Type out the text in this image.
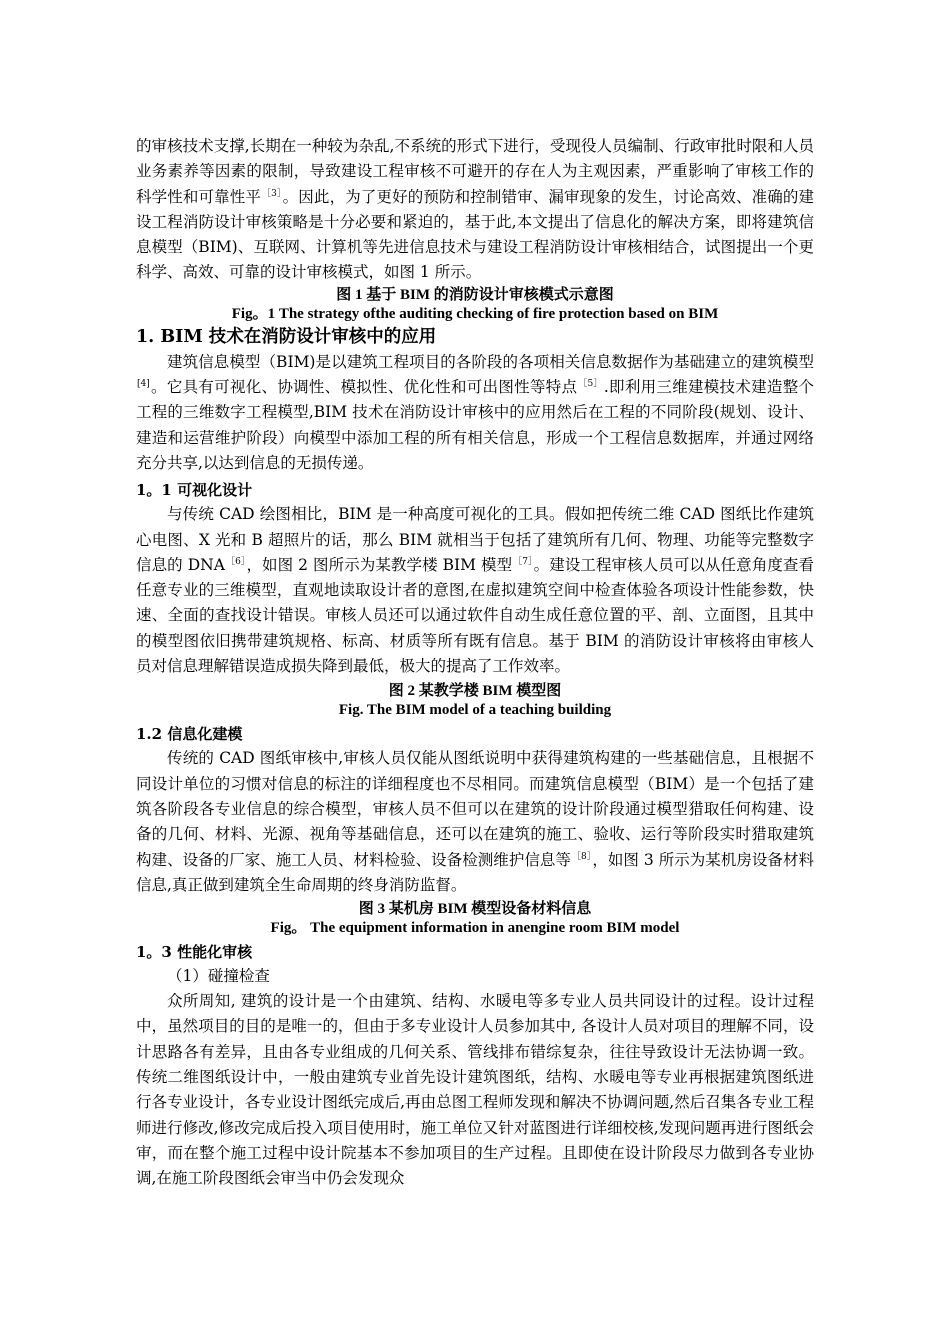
的审核技术支撑,长期在一种较为杂乱,不系统的形式下进行，受现役人员编制、行政审批时限和人员业务素养等因素的限制，导致建设工程审核不可避开的存在人为主观因素，严重影响了审核工作的科学性和可靠性平$^{[3]}$。因此，为了更好的预防和控制错审、漏审现象的发生，讨论高效、准确的建设工程消防设计审核策略是十分必要和紧迫的，基于此,本文提出了信息化的解决方案，即将建筑信息模型（BIM)、互联网、计算机等先进信息技术与建设工程消防设计审核相结合，试图提出一个更科学、高效、可靠的设计审核模式，如图 1 所示。

图 1 基于 BIM 的消防设计审核模式示意图
Fig。1 The strategy ofthe auditing checking of fire protection based on BIM
1. BIM 技术在消防设计审核中的应用

建筑信息模型（BIM)是以建筑工程项目的各阶段的各项相关信息数据作为基础建立的建筑模型[4]。它具有可视化、协调性、模拟性、优化性和可出图性等特点$^{[5]}$.即利用三维建模技术建造整个工程的三维数字工程模型,BIM 技术在消防设计审核中的应用然后在工程的不同阶段(规划、设计、建造和运营维护阶段）向模型中添加工程的所有相关信息，形成一个工程信息数据库，并通过网络充分共享,以达到信息的无损传递。

1。1 可视化设计

与传统 CAD 绘图相比，BIM 是一种高度可视化的工具。假如把传统二维 CAD 图纸比作建筑心电图、X 光和 B 超照片的话，那么 BIM 就相当于包括了建筑所有几何、物理、功能等完整数字信息的 $DNA^{[6]}$，如图 2 图所示为某教学楼 BIM 模型$^{[7]}$。建设工程审核人员可以从任意角度查看任意专业的三维模型，直观地读取设计者的意图,在虚拟建筑空间中检查体验各项设计性能参数，快速、全面的查找设计错误。审核人员还可以通过软件自动生成任意位置的平、剖、立面图，且其中的模型图依旧携带建筑规格、标高、材质等所有既有信息。基于 BIM 的消防设计审核将由审核人员对信息理解错误造成损失降到最低，极大的提高了工作效率。

图 2 某教学楼 BIM 模型图
Fig. The BIM model of a teaching building
1.2 信息化建模

传统的 CAD 图纸审核中,审核人员仅能从图纸说明中获得建筑构建的一些基础信息，且根据不同设计单位的习惯对信息的标注的详细程度也不尽相同。而建筑信息模型（BIM）是一个包括了建筑各阶段各专业信息的综合模型，审核人员不但可以在建筑的设计阶段通过模型猎取任何构建、设备的几何、材料、光源、视角等基础信息，还可以在建筑的施工、验收、运行等阶段实时猎取建筑构建、设备的厂家、施工人员、材料检验、设备检测维护信息等$^{[8]}$，如图 3 所示为某机房设备材料信息,真正做到建筑全生命周期的终身消防监督。

图 3 某机房 BIM 模型设备材料信息
Fig。 The equipment information in anengine room BIM model
1。3 性能化审核
（1）碰撞检查

众所周知, 建筑的设计是一个由建筑、结构、水暖电等多专业人员共同设计的过程。设计过程中，虽然项目的目的是唯一的，但由于多专业设计人员参加其中, 各设计人员对项目的理解不同，设计思路各有差异，且由各专业组成的几何关系、管线排布错综复杂，往往导致设计无法协调一致。传统二维图纸设计中，一般由建筑专业首先设计建筑图纸，结构、水暖电等专业再根据建筑图纸进行各专业设计，各专业设计图纸完成后,再由总图工程师发现和解决不协调问题,然后召集各专业工程师进行修改,修改完成后投入项目使用时，施工单位又针对蓝图进行详细校核,发现问题再进行图纸会审，而在整个施工过程中设计院基本不参加项目的生产过程。且即使在设计阶段尽力做到各专业协调,在施工阶段图纸会审当中仍会发现众
